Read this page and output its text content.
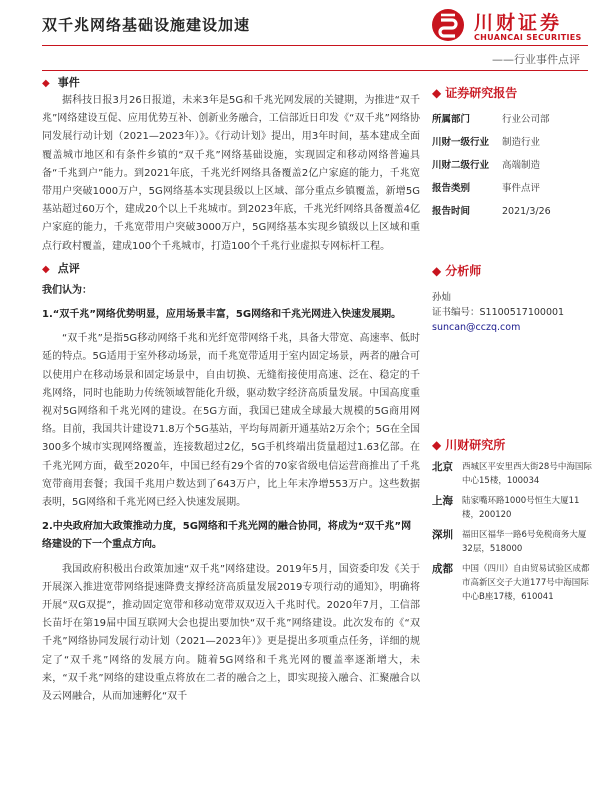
双千兆网络基础设施建设加速	川财证券
CHUANCAI SECURITIES
——行业事件点评
◆ 事件

据科技日报3月26日报道，未来3年是5G和千兆光网发展的关键期，为推进“双千兆”网络建设互促、应用优势互补、创新业务融合，工信部近日印发《“双千兆”网络协同发展行动计划（2021—2023年）》。《行动计划》提出，用3年时间，基本建成全面覆盖城市地区和有条件乡镇的“双千兆”网络基础设施，实现固定和移动网络普遍具备“千兆到户”能力。到2021年底，千兆光纤网络具备覆盖2亿户家庭的能力，千兆宽带用户突破1000万户，5G网络基本实现县级以上区域、部分重点乡镇覆盖，新增5G基站超过60万个，建成20个以上千兆城市。到2023年底，千兆光纤网络具备覆盖4亿户家庭的能力，千兆宽带用户突破3000万户，5G网络基本实现乡镇级以上区域和重点行政村覆盖，建成100个千兆城市，打造100个千兆行业虚拟专网标杆工程。

◆ 点评

我们认为：

1.“双千兆”网络优势明显，应用场景丰富，5G网络和千兆光网进入快速发展期。

“双千兆”是指5G移动网络千兆和光纤宽带网络千兆，具备大带宽、高速率、低时延的特点。5G适用于室外移动场景，而千兆宽带适用于室内固定场景，两者的融合可以使用户在移动场景和固定场景中，自由切换、无缝衔接使用高速、泛在、稳定的千兆网络，同时也能助力传统领域智能化升级，驱动数字经济高质量发展。中国高度重视对5G网络和千兆光网的建设。在5G方面，我国已建成全球最大规模的5G商用网络。目前，我国共计建设71.8万个5G基站，平均每周新开通基站2万余个；5G在全国300多个城市实现网络覆盖，连接数超过2亿，5G手机终端出货量超过1.63亿部。在千兆光网方面，截至2020年，中国已经有29个省的70家省级电信运营商推出了千兆宽带商用套餐；我国千兆用户数达到了643万户，比上年末净增553万户。这些数据表明，5G网络和千兆光网已经入快速发展期。

2.中央政府加大政策推动力度，5G网络和千兆光网的融合协同，将成为“双千兆”网络建设的下一个重点方向。

我国政府积极出台政策加速“双千兆”网络建设。2019年5月，国资委印发《关于开展深入推进宽带网络提速降费支撑经济高质量发展2019专项行动的通知》，明确将开展“双G双提”，推动固定宽带和移动宽带双双迈入千兆时代。2020年7月，工信部长苗圩在第19届中国互联网大会也提出要加快“双千兆”网络建设。此次发布的《“双千兆”网络协同发展行动计划（2021—2023年）》更是提出多项重点任务，详细的规定了“双千兆”网络的发展方向。随着5G网络和千兆光网的覆盖率逐渐增大，未来，“双千兆”网络的建设重点将放在二者的融合之上，即实现接入融合、汇聚融合以及云网融合，从而加速孵化“双千

◆ 证券研究报告
所属部门	行业公司部
川财一级行业	制造行业
川财二级行业	高端制造
报告类别	事件点评
报告时间	2021/3/26
◆ 分析师
孙灿
证书编号：S1100517100001
suncan@cczq.com
◆ 川财研究所
北京	西城区平安里西大街28号中海国际中心15楼，100034
上海	陆家嘴环路1000号恒生大厦11楼，200120
深圳	福田区福华一路6号免税商务大厦32层，518000
成都	中国（四川）自由贸易试验区成都市高新区交子大道177号中海国际中心B座17楼，610041
